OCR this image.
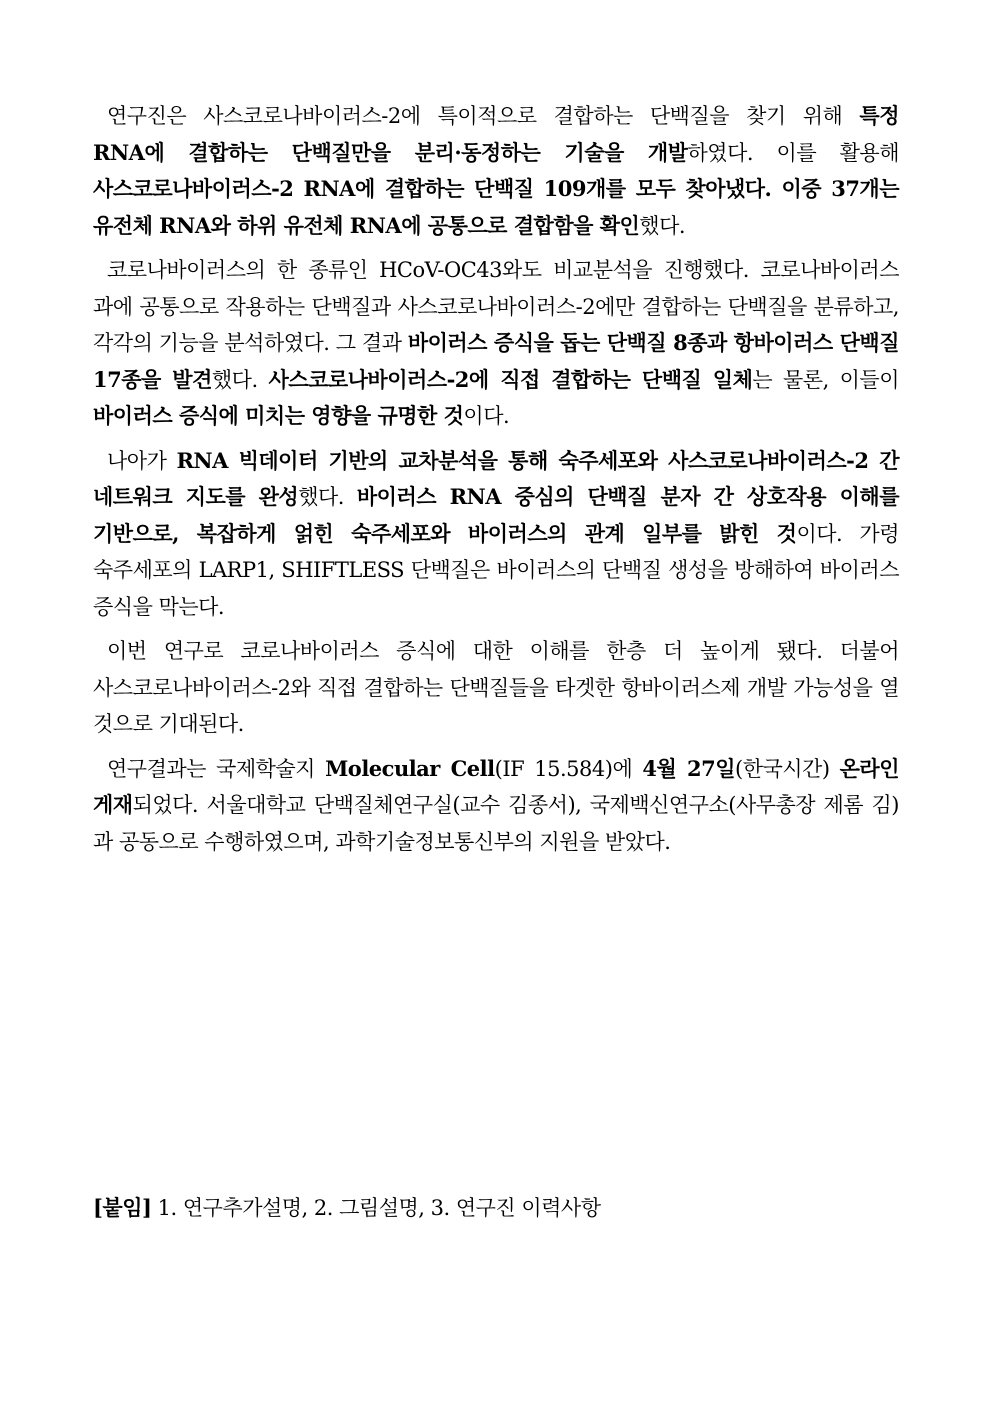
연구진은 사스코로나바이러스-2에 특이적으로 결합하는 단백질을 찾기 위해 특정 RNA에 결합하는 단백질만을 분리·동정하는 기술을 개발하였다. 이를 활용해 사스코로나바이러스-2 RNA에 결합하는 단백질 109개를 모두 찾아냈다. 이중 37개는 유전체 RNA와 하위 유전체 RNA에 공통으로 결합함을 확인했다.

코로나바이러스의 한 종류인 HCoV-OC43와도 비교분석을 진행했다. 코로나바이러스 과에 공통으로 작용하는 단백질과 사스코로나바이러스-2에만 결합하는 단백질을 분류하고, 각각의 기능을 분석하였다. 그 결과 바이러스 증식을 돕는 단백질 8종과 항바이러스 단백질 17종을 발견했다. 사스코로나바이러스-2에 직접 결합하는 단백질 일체는 물론, 이들이 바이러스 증식에 미치는 영향을 규명한 것이다.

나아가 RNA 빅데이터 기반의 교차분석을 통해 숙주세포와 사스코로나바이러스-2 간 네트워크 지도를 완성했다. 바이러스 RNA 중심의 단백질 분자 간 상호작용 이해를 기반으로, 복잡하게 얽힌 숙주세포와 바이러스의 관계 일부를 밝힌 것이다. 가령 숙주세포의 LARP1, SHIFTLESS 단백질은 바이러스의 단백질 생성을 방해하여 바이러스 증식을 막는다.

이번 연구로 코로나바이러스 증식에 대한 이해를 한층 더 높이게 됐다. 더불어 사스코로나바이러스-2와 직접 결합하는 단백질들을 타겟한 항바이러스제 개발 가능성을 열 것으로 기대된다.

연구결과는 국제학술지 Molecular Cell(IF 15.584)에 4월 27일(한국시간) 온라인 게재되었다. 서울대학교 단백질체연구실(교수 김종서), 국제백신연구소(사무총장 제롬 김)과 공동으로 수행하였으며, 과학기술정보통신부의 지원을 받았다.

[붙임] 1. 연구추가설명, 2. 그림설명, 3. 연구진 이력사항
